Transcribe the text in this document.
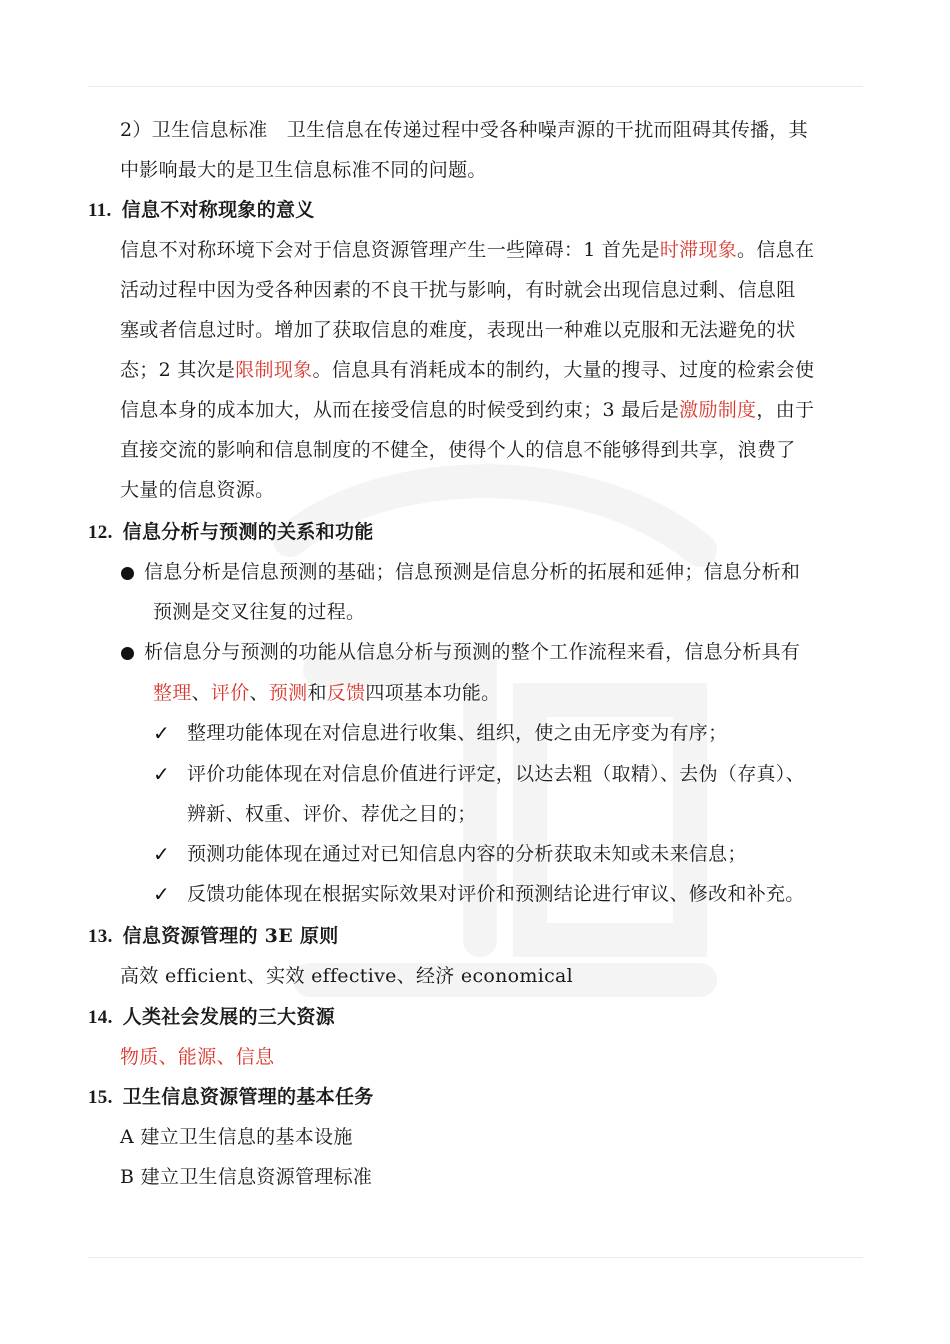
2）卫生信息标准　卫生信息在传递过程中受各种噪声源的干扰而阻碍其传播，其
中影响最大的是卫生信息标准不同的问题。
11. 信息不对称现象的意义
信息不对称环境下会对于信息资源管理产生一些障碍：1 首先是时滞现象。信息在
活动过程中因为受各种因素的不良干扰与影响，有时就会出现信息过剩、信息阻
塞或者信息过时。增加了获取信息的难度，表现出一种难以克服和无法避免的状
态；2 其次是限制现象。信息具有消耗成本的制约，大量的搜寻、过度的检索会使
信息本身的成本加大，从而在接受信息的时候受到约束；3 最后是激励制度，由于
直接交流的影响和信息制度的不健全，使得个人的信息不能够得到共享，浪费了
大量的信息资源。
12. 信息分析与预测的关系和功能
信息分析是信息预测的基础；信息预测是信息分析的拓展和延伸；信息分析和
预测是交叉往复的过程。
析信息分与预测的功能从信息分析与预测的整个工作流程来看，信息分析具有
整理、评价、预测和反馈四项基本功能。
✓ 整理功能体现在对信息进行收集、组织，使之由无序变为有序；
✓ 评价功能体现在对信息价值进行评定，以达去粗（取精）、去伪（存真）、
辨新、权重、评价、荐优之目的；
✓ 预测功能体现在通过对已知信息内容的分析获取未知或未来信息；
✓ 反馈功能体现在根据实际效果对评价和预测结论进行审议、修改和补充。
13. 信息资源管理的 3E 原则
高效 efficient、实效 effective、经济 economical
14. 人类社会发展的三大资源
物质、能源、信息
15. 卫生信息资源管理的基本任务
A 建立卫生信息的基本设施
B 建立卫生信息资源管理标准
